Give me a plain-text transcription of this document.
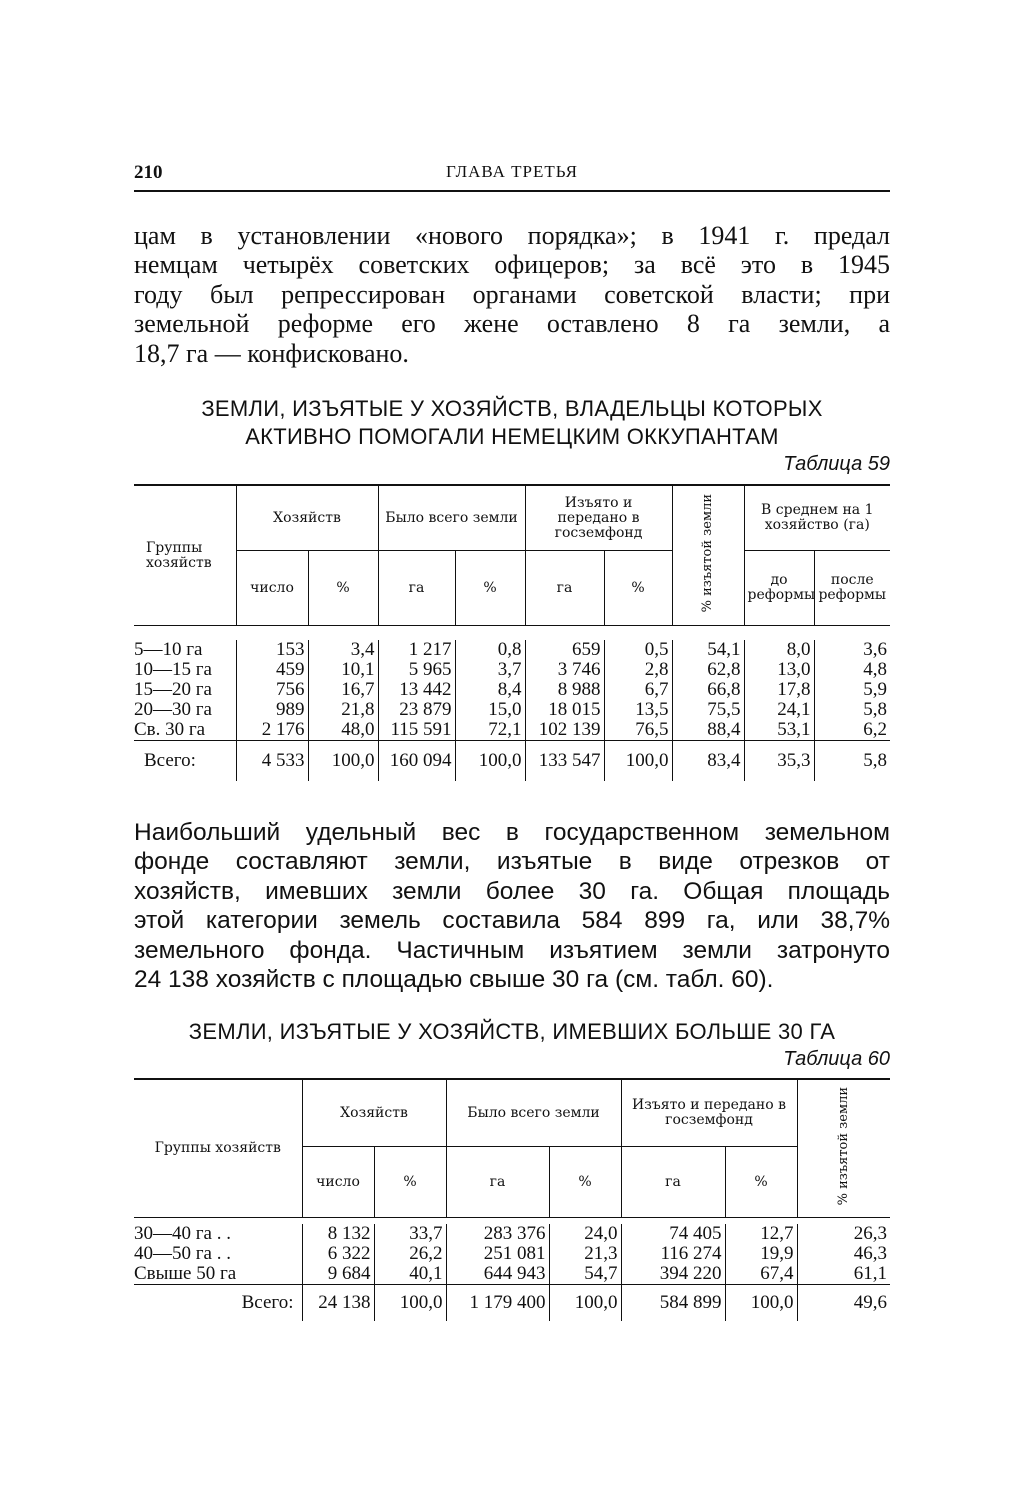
210	ГЛАВА ТРЕТЬЯ
цам в установлении «нового порядка»; в 1941 г. предал
немцам четырёх советских офицеров; за всё это в 1945
году был репрессирован органами советской власти; при
земельной реформе его жене оставлено 8 га земли, а
18,7 га — конфисковано.
ЗЕМЛИ, ИЗЪЯТЫЕ У ХОЗЯЙСТВ, ВЛАДЕЛЬЦЫ КОТОРЫХ
АКТИВНО ПОМОГАЛИ НЕМЕЦКИМ ОККУПАНТАМ
Таблица 59
Группы хозяйств	Хозяйств		Было всего земли		Изъято и передано в госземфонд		% изъятой земли	В среднем на 1 хозяйство (га)	
	число	%	га	%	га	%		до реформы	после реформы

5—10 га	153	3,4	1 217	0,8	659	0,5	54,1	8,0	3,6
10—15 га	459	10,1	5 965	3,7	3 746	2,8	62,8	13,0	4,8
15—20 га	756	16,7	13 442	8,4	8 988	6,7	66,8	17,8	5,9
20—30 га	989	21,8	23 879	15,0	18 015	13,5	75,5	24,1	5,8
Св. 30 га	2 176	48,0	115 591	72,1	102 139	76,5	88,4	53,1	6,2
Всего:	4 533	100,0	160 094	100,0	133 547	100,0	83,4	35,3	5,8
Наибольший удельный вес в государственном земельном
фонде составляют земли, изъятые в виде отрезков от
хозяйств, имевших земли более 30 га. Общая площадь
этой категории земель составила 584 899 га, или 38,7%
земельного фонда. Частичным изъятием земли затронуто
24 138 хозяйств с площадью свыше 30 га (см. табл. 60).
ЗЕМЛИ, ИЗЪЯТЫЕ У ХОЗЯЙСТВ, ИМЕВШИХ БОЛЬШЕ 30 ГА
Таблица 60
Группы хозяйств	Хозяйств		Было всего земли		Изъято и передано в госземфонд		% изъятой земли
	число	%	га	%	га	%	

30—40 га . .	8 132	33,7	283 376	24,0	74 405	12,7	26,3
40—50 га . .	6 322	26,2	251 081	21,3	116 274	19,9	46,3
Свыше 50 га	9 684	40,1	644 943	54,7	394 220	67,4	61,1
Всего:	24 138	100,0	1 179 400	100,0	584 899	100,0	49,6
